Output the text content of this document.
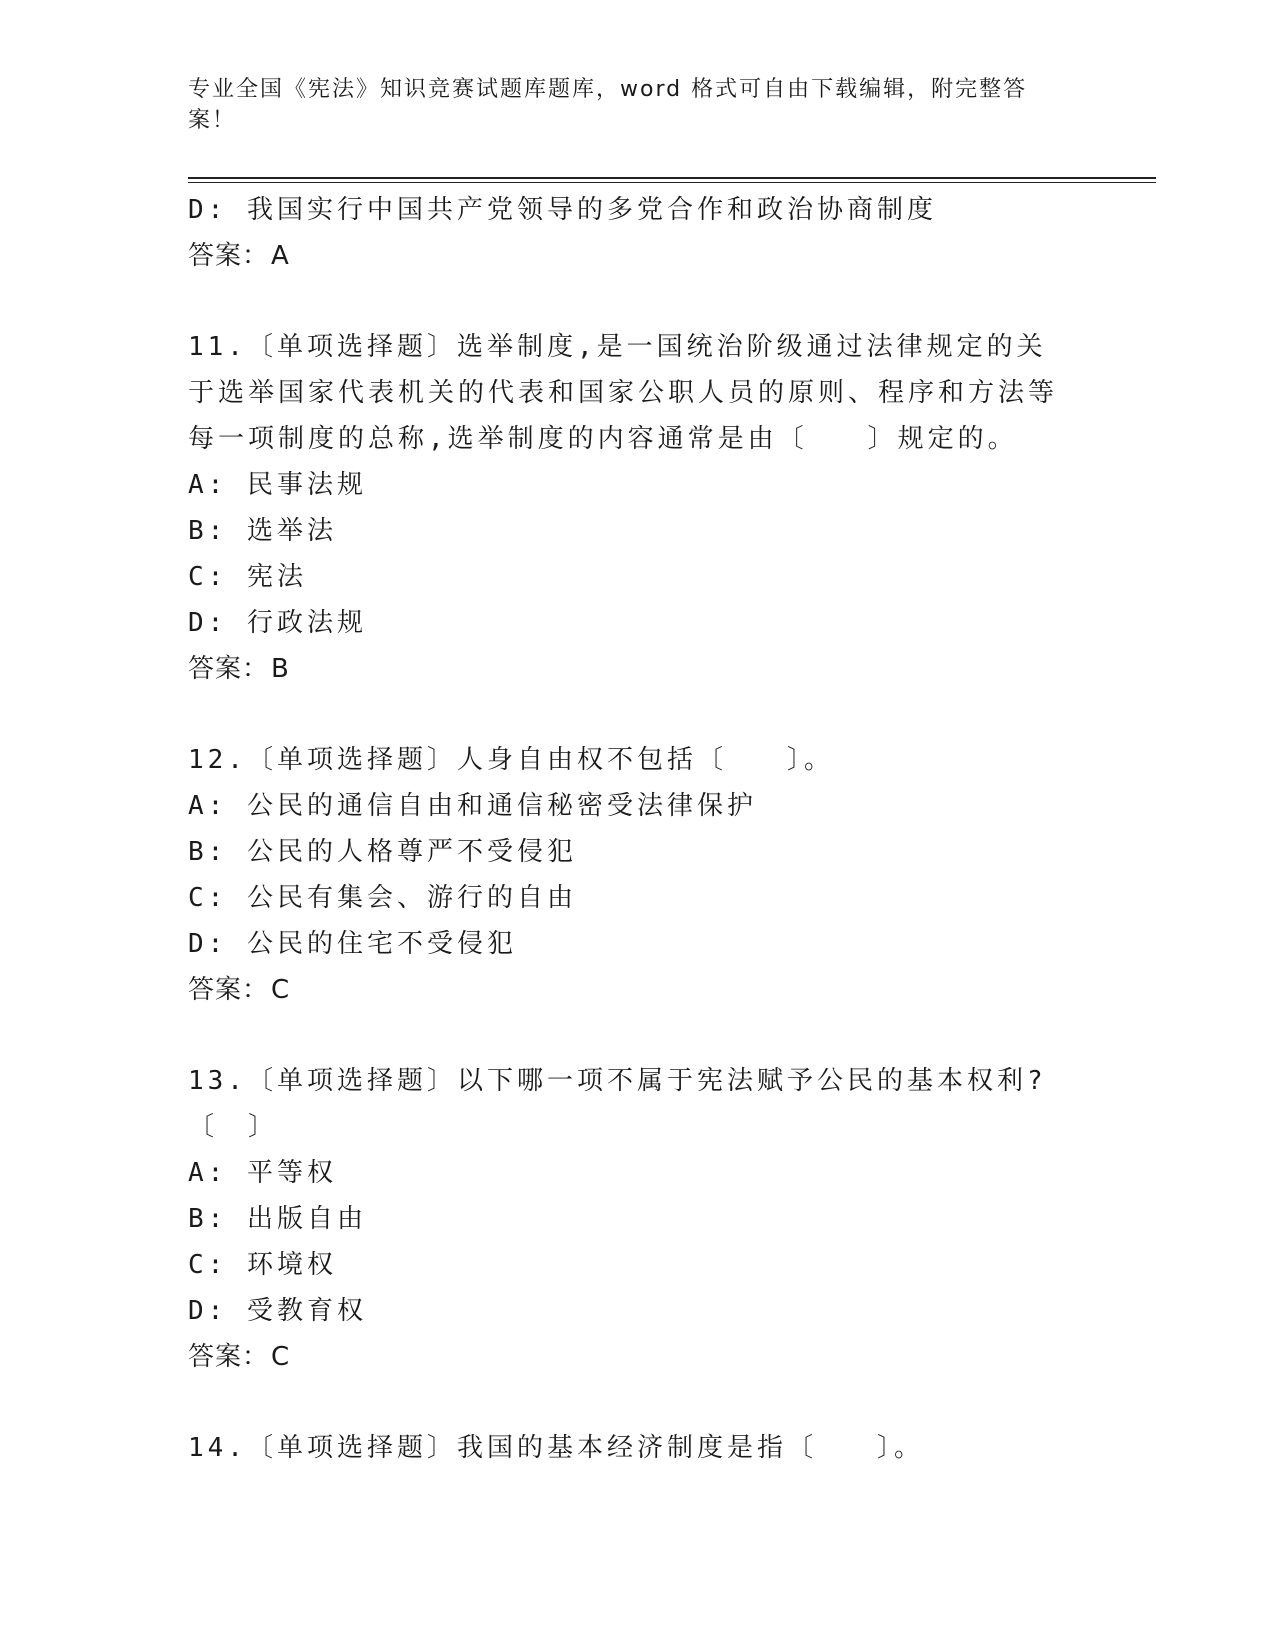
专业全国《宪法》知识竞赛试题库题库，word 格式可自由下载编辑，附完整答案！

D: 我国实行中国共产党领导的多党合作和政治协商制度

答案：A

11.〔单项选择题〕选举制度,是一国统治阶级通过法律规定的关于选举国家代表机关的代表和国家公职人员的原则、程序和方法等每一项制度的总称,选举制度的内容通常是由〔　　〕规定的。

A: 民事法规

B: 选举法

C: 宪法

D: 行政法规

答案：B

12.〔单项选择题〕人身自由权不包括〔　　〕。

A: 公民的通信自由和通信秘密受法律保护

B: 公民的人格尊严不受侵犯

C: 公民有集会、游行的自由

D: 公民的住宅不受侵犯

答案：C

13.〔单项选择题〕以下哪一项不属于宪法赋予公民的基本权利?〔　〕

A: 平等权

B: 出版自由

C: 环境权

D: 受教育权

答案：C

14.〔单项选择题〕我国的基本经济制度是指〔　　〕。
